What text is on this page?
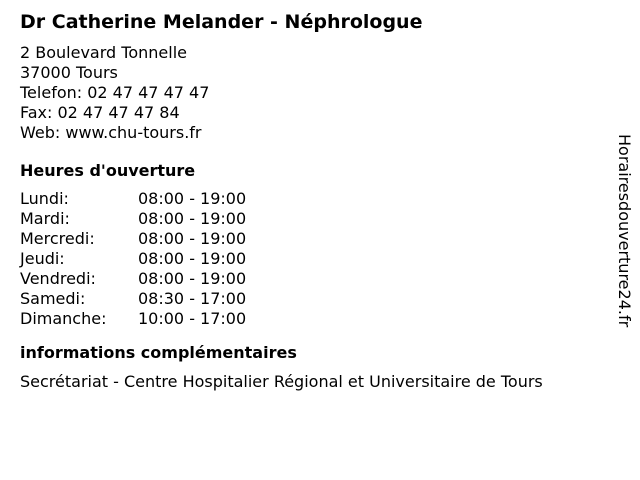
Dr Catherine Melander - Néphrologue
2 Boulevard Tonnelle
37000 Tours
Telefon: 02 47 47 47 47
Fax: 02 47 47 47 84
Web: www.chu-tours.fr
Heures d'ouverture
Lundi:	08:00 - 19:00
Mardi:	08:00 - 19:00
Mercredi:	08:00 - 19:00
Jeudi:	08:00 - 19:00
Vendredi:	08:00 - 19:00
Samedi:	08:30 - 17:00
Dimanche:	10:00 - 17:00
informations complémentaires
Secrétariat - Centre Hospitalier Régional et Universitaire de Tours
Horairesdouverture24.fr
